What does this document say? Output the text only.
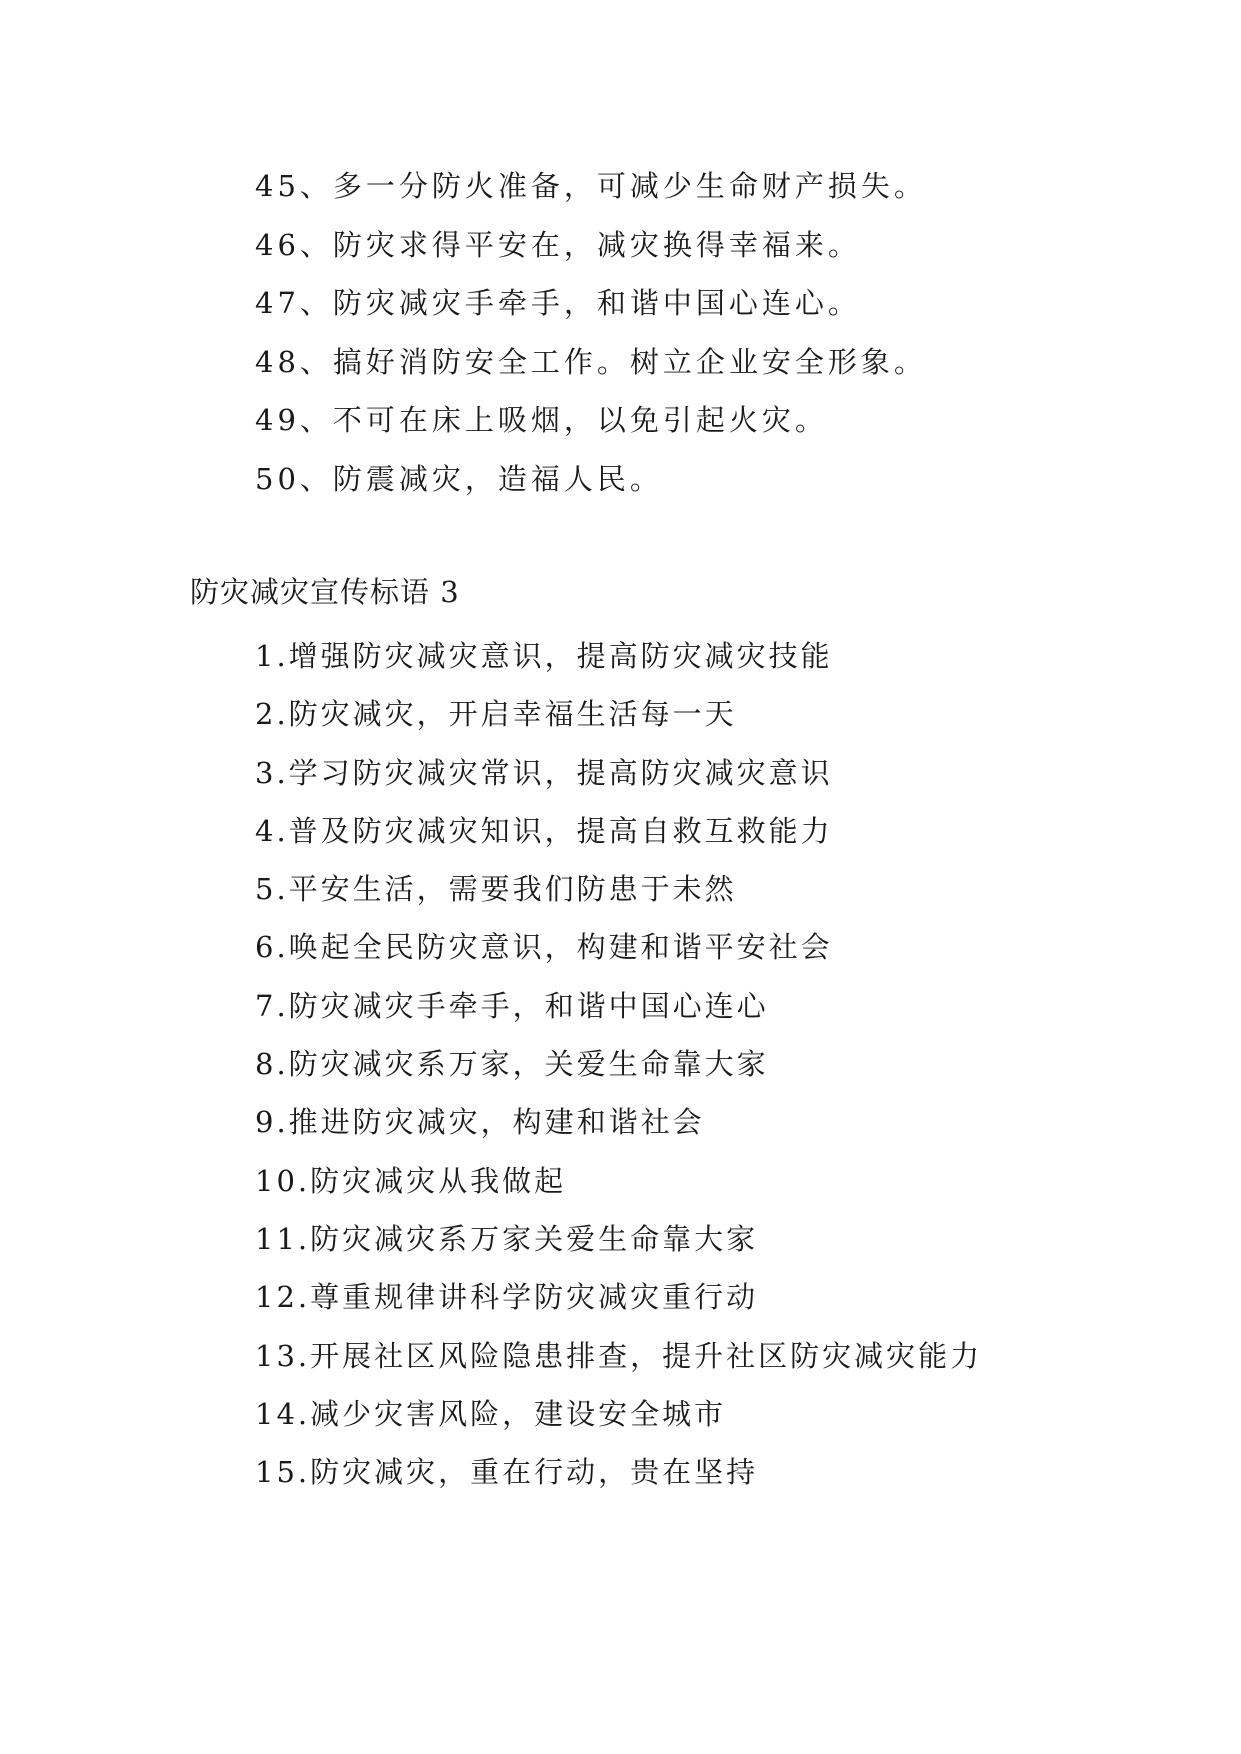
45、多一分防火准备，可减少生命财产损失。
46、防灾求得平安在，减灾换得幸福来。
47、防灾减灾手牵手，和谐中国心连心。
48、搞好消防安全工作。树立企业安全形象。
49、不可在床上吸烟，以免引起火灾。
50、防震减灾，造福人民。
防灾减灾宣传标语 3
1.增强防灾减灾意识，提高防灾减灾技能
2.防灾减灾，开启幸福生活每一天
3.学习防灾减灾常识，提高防灾减灾意识
4.普及防灾减灾知识，提高自救互救能力
5.平安生活，需要我们防患于未然
6.唤起全民防灾意识，构建和谐平安社会
7.防灾减灾手牵手，和谐中国心连心
8.防灾减灾系万家，关爱生命靠大家
9.推进防灾减灾，构建和谐社会
10.防灾减灾从我做起
11.防灾减灾系万家关爱生命靠大家
12.尊重规律讲科学防灾减灾重行动
13.开展社区风险隐患排查，提升社区防灾减灾能力
14.减少灾害风险，建设安全城市
15.防灾减灾，重在行动，贵在坚持
